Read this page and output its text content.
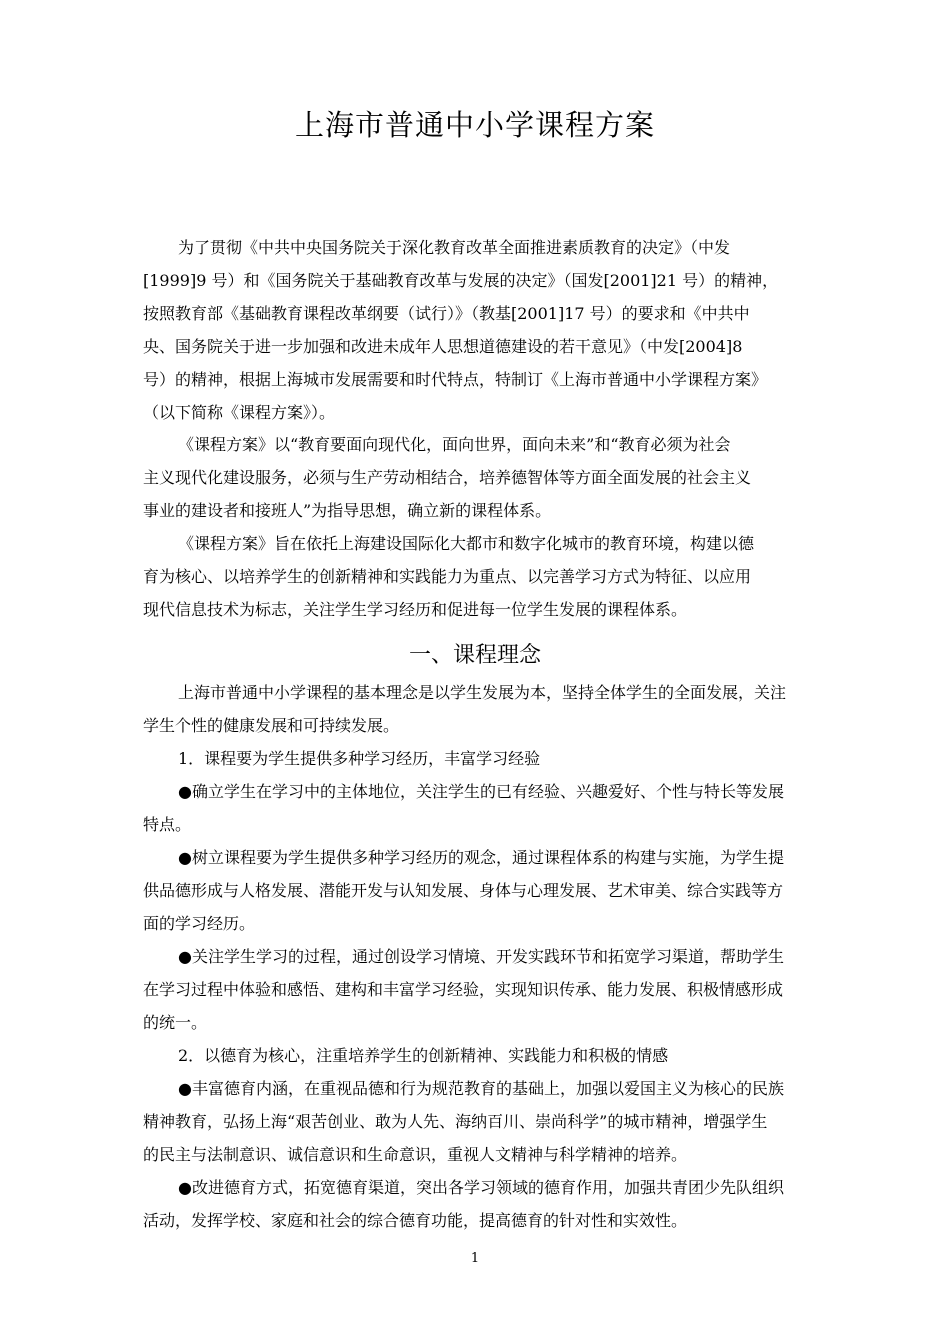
上海市普通中小学课程方案
为了贯彻《中共中央国务院关于深化教育改革全面推进素质教育的决定》（中发
[1999]9 号）和《国务院关于基础教育改革与发展的决定》（国发[2001]21 号）的精神，
按照教育部《基础教育课程改革纲要（试行）》（教基[2001]17 号）的要求和《中共中
央、国务院关于进一步加强和改进未成年人思想道德建设的若干意见》（中发[2004]8
号）的精神，根据上海城市发展需要和时代特点，特制订《上海市普通中小学课程方案》
（以下简称《课程方案》）。
《课程方案》以“教育要面向现代化，面向世界，面向未来”和“教育必须为社会
主义现代化建设服务，必须与生产劳动相结合，培养德智体等方面全面发展的社会主义
事业的建设者和接班人”为指导思想，确立新的课程体系。
《课程方案》旨在依托上海建设国际化大都市和数字化城市的教育环境，构建以德
育为核心、以培养学生的创新精神和实践能力为重点、以完善学习方式为特征、以应用
现代信息技术为标志，关注学生学习经历和促进每一位学生发展的课程体系。
一、课程理念
上海市普通中小学课程的基本理念是以学生发展为本，坚持全体学生的全面发展，关注
学生个性的健康发展和可持续发展。
1．课程要为学生提供多种学习经历，丰富学习经验
●确立学生在学习中的主体地位，关注学生的已有经验、兴趣爱好、个性与特长等发展
特点。
●树立课程要为学生提供多种学习经历的观念，通过课程体系的构建与实施，为学生提
供品德形成与人格发展、潜能开发与认知发展、身体与心理发展、艺术审美、综合实践等方
面的学习经历。
●关注学生学习的过程，通过创设学习情境、开发实践环节和拓宽学习渠道，帮助学生
在学习过程中体验和感悟、建构和丰富学习经验，实现知识传承、能力发展、积极情感形成
的统一。
2．以德育为核心，注重培养学生的创新精神、实践能力和积极的情感
●丰富德育内涵，在重视品德和行为规范教育的基础上，加强以爱国主义为核心的民族
精神教育，弘扬上海“艰苦创业、敢为人先、海纳百川、崇尚科学”的城市精神，增强学生
的民主与法制意识、诚信意识和生命意识，重视人文精神与科学精神的培养。
●改进德育方式，拓宽德育渠道，突出各学习领域的德育作用，加强共青团少先队组织
活动，发挥学校、家庭和社会的综合德育功能，提高德育的针对性和实效性。
1
